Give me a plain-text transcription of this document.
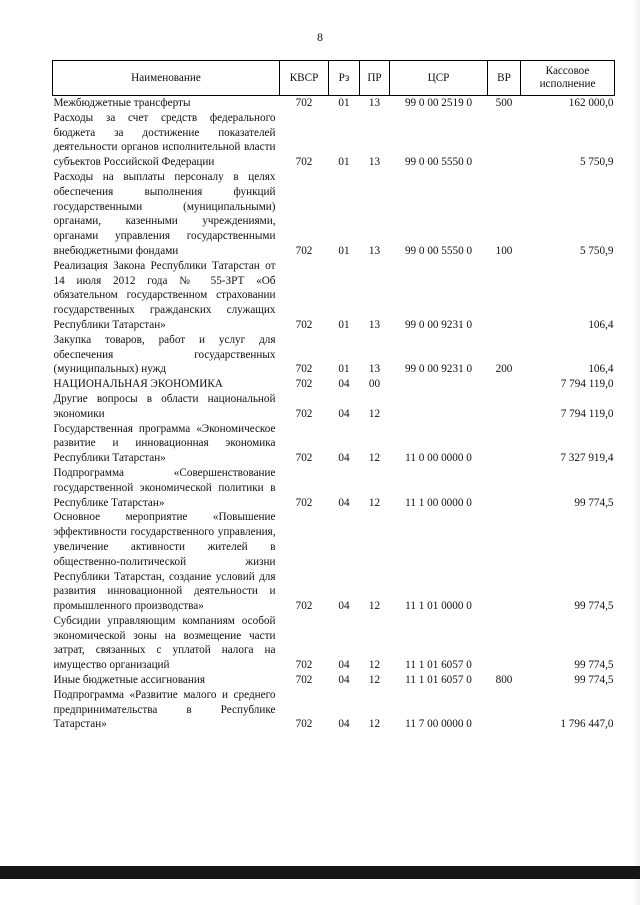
8
Наименование	КВСР	Рз	ПР	ЦСР	ВР	Кассовое
исполнение
Межбюджетные трансферты	702	01	13	99 0 00 2519 0	500	162 000,0
Расходы за счет средств федерального бюджета за достижение показателей деятельности органов исполнительной власти субъектов Российской Федерации	702	01	13	99 0 00 5550 0		5 750,9
Расходы на выплаты персоналу в целях обеспечения выполнения функций государственными (муниципальными) органами, казенными учреждениями, органами управления государственными внебюджетными фондами	702	01	13	99 0 00 5550 0	100	5 750,9
Реализация Закона Республики Татарстан от 14 июля 2012 года № 55-ЗРТ «Об обязательном государственном страховании государственных гражданских служащих Республики Татарстан»	702	01	13	99 0 00 9231 0		106,4
Закупка товаров, работ и услуг для обеспечения государственных (муниципальных) нужд	702	01	13	99 0 00 9231 0	200	106,4
НАЦИОНАЛЬНАЯ ЭКОНОМИКА	702	04	00			7 794 119,0
Другие вопросы в области национальной экономики	702	04	12			7 794 119,0
Государственная программа «Экономическое развитие и инновационная экономика Республики Татарстан»	702	04	12	11 0 00 0000 0		7 327 919,4
Подпрограмма «Совершенствование государственной экономической политики в Республике Татарстан»	702	04	12	11 1 00 0000 0		99 774,5
Основное мероприятие «Повышение эффективности государственного управления, увеличение активности жителей в общественно-политической жизни Республики Татарстан, создание условий для развития инновационной деятельности и промышленного производства»	702	04	12	11 1 01 0000 0		99 774,5
Субсидии управляющим компаниям особой экономической зоны на возмещение части затрат, связанных с уплатой налога на имущество организаций	702	04	12	11 1 01 6057 0		99 774,5
Иные бюджетные ассигнования	702	04	12	11 1 01 6057 0	800	99 774,5
Подпрограмма «Развитие малого и среднего предпринимательства в Республике Татарстан»	702	04	12	11 7 00 0000 0		1 796 447,0
